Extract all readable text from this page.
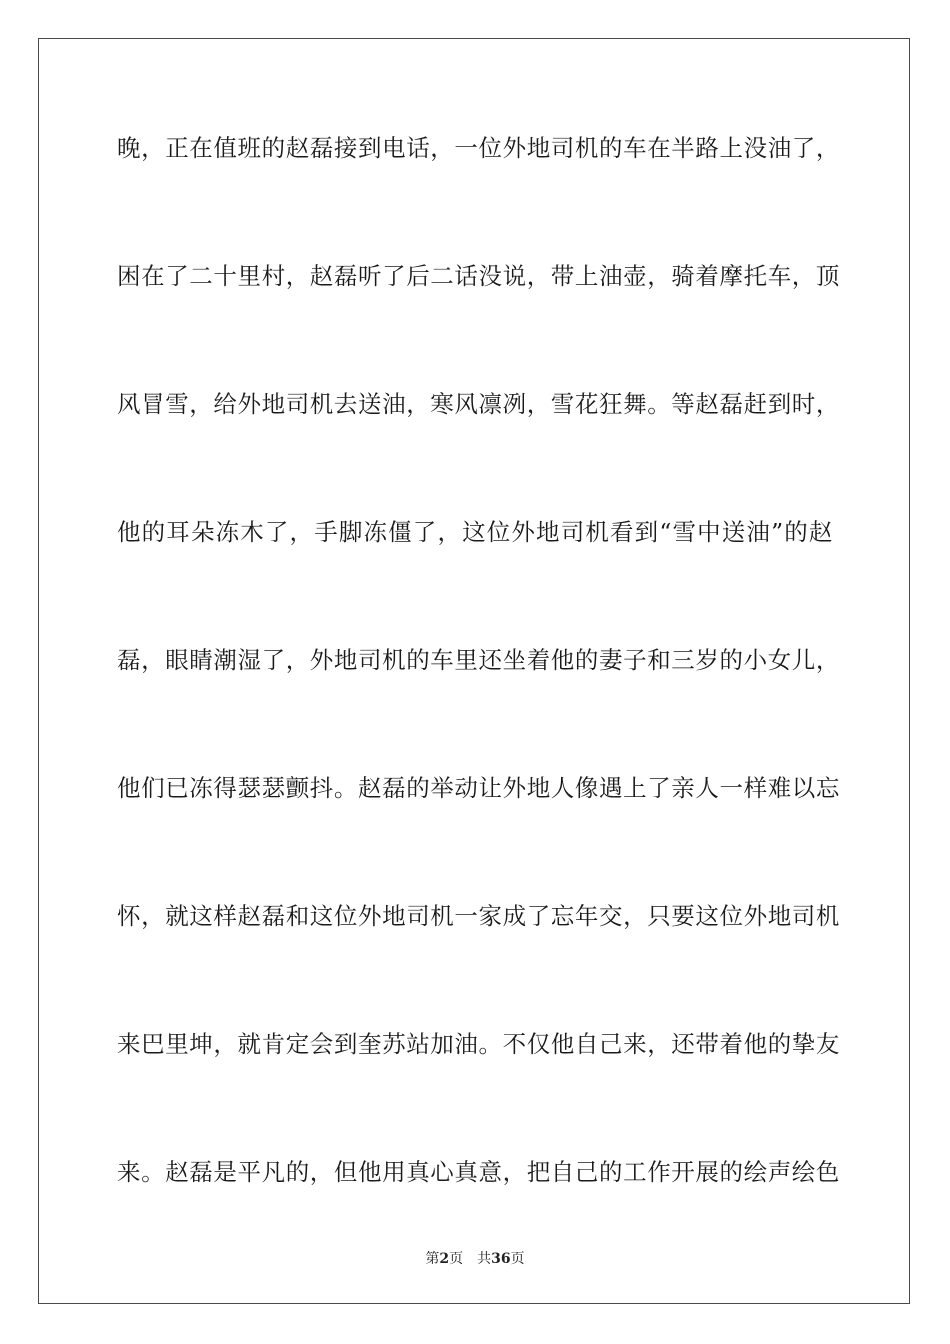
晚，正在值班的赵磊接到电话，一位外地司机的车在半路上没油了，
困在了二十里村，赵磊听了后二话没说，带上油壶，骑着摩托车，顶
风冒雪，给外地司机去送油，寒风凛冽，雪花狂舞。等赵磊赶到时，
他的耳朵冻木了，手脚冻僵了，这位外地司机看到“雪中送油”的赵
磊，眼睛潮湿了，外地司机的车里还坐着他的妻子和三岁的小女儿，
他们已冻得瑟瑟颤抖。赵磊的举动让外地人像遇上了亲人一样难以忘
怀，就这样赵磊和这位外地司机一家成了忘年交，只要这位外地司机
来巴里坤，就肯定会到奎苏站加油。不仅他自己来，还带着他的挚友
来。赵磊是平凡的，但他用真心真意，把自己的工作开展的绘声绘色
第2页 共36页
